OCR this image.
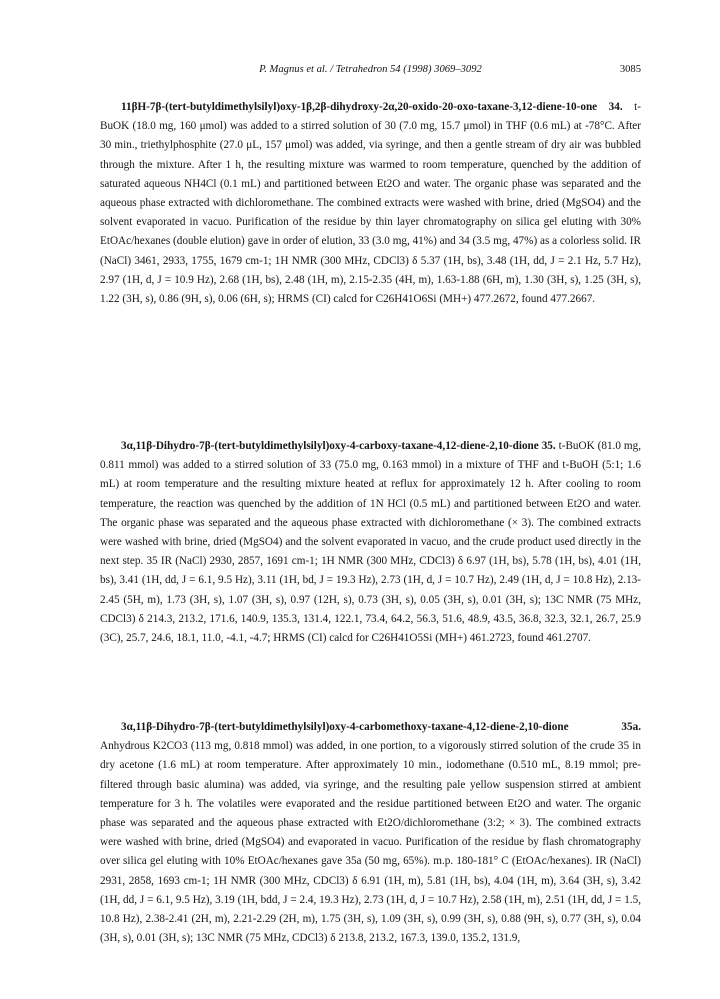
P. Magnus et al. / Tetrahedron 54 (1998) 3069–3092	3085

11βH-7β-(tert-butyldimethylsilyl)oxy-1β,2β-dihydroxy-2α,20-oxido-20-oxo-taxane-3,12-diene-10-one 34. t-BuOK (18.0 mg, 160 μmol) was added to a stirred solution of 30 (7.0 mg, 15.7 μmol) in THF (0.6 mL) at -78°C. After 30 min., triethylphosphite (27.0 μL, 157 μmol) was added, via syringe, and then a gentle stream of dry air was bubbled through the mixture. After 1 h, the resulting mixture was warmed to room temperature, quenched by the addition of saturated aqueous NH4Cl (0.1 mL) and partitioned between Et2O and water. The organic phase was separated and the aqueous phase extracted with dichloromethane. The combined extracts were washed with brine, dried (MgSO4) and the solvent evaporated in vacuo. Purification of the residue by thin layer chromatography on silica gel eluting with 30% EtOAc/hexanes (double elution) gave in order of elution, 33 (3.0 mg, 41%) and 34 (3.5 mg, 47%) as a colorless solid. IR (NaCl) 3461, 2933, 1755, 1679 cm-1; 1H NMR (300 MHz, CDCl3) δ 5.37 (1H, bs), 3.48 (1H, dd, J = 2.1 Hz, 5.7 Hz), 2.97 (1H, d, J = 10.9 Hz), 2.68 (1H, bs), 2.48 (1H, m), 2.15-2.35 (4H, m), 1.63-1.88 (6H, m), 1.30 (3H, s), 1.25 (3H, s), 1.22 (3H, s), 0.86 (9H, s), 0.06 (6H, s); HRMS (CI) calcd for C26H41O6Si (MH+) 477.2672, found 477.2667.

3α,11β-Dihydro-7β-(tert-butyldimethylsilyl)oxy-4-carboxy-taxane-4,12-diene-2,10-dione 35. t-BuOK (81.0 mg, 0.811 mmol) was added to a stirred solution of 33 (75.0 mg, 0.163 mmol) in a mixture of THF and t-BuOH (5:1; 1.6 mL) at room temperature and the resulting mixture heated at reflux for approximately 12 h. After cooling to room temperature, the reaction was quenched by the addition of 1N HCl (0.5 mL) and partitioned between Et2O and water. The organic phase was separated and the aqueous phase extracted with dichloromethane (× 3). The combined extracts were washed with brine, dried (MgSO4) and the solvent evaporated in vacuo, and the crude product used directly in the next step. 35 IR (NaCl) 2930, 2857, 1691 cm-1; 1H NMR (300 MHz, CDCl3) δ 6.97 (1H, bs), 5.78 (1H, bs), 4.01 (1H, bs), 3.41 (1H, dd, J = 6.1, 9.5 Hz), 3.11 (1H, bd, J = 19.3 Hz), 2.73 (1H, d, J = 10.7 Hz), 2.49 (1H, d, J = 10.8 Hz), 2.13-2.45 (5H, m), 1.73 (3H, s), 1.07 (3H, s), 0.97 (12H, s), 0.73 (3H, s), 0.05 (3H, s), 0.01 (3H, s); 13C NMR (75 MHz, CDCl3) δ 214.3, 213.2, 171.6, 140.9, 135.3, 131.4, 122.1, 73.4, 64.2, 56.3, 51.6, 48.9, 43.5, 36.8, 32.3, 32.1, 26.7, 25.9 (3C), 25.7, 24.6, 18.1, 11.0, -4.1, -4.7; HRMS (CI) calcd for C26H41O5Si (MH+) 461.2723, found 461.2707.

3α,11β-Dihydro-7β-(tert-butyldimethylsilyl)oxy-4-carbomethoxy-taxane-4,12-diene-2,10-dione 35a. Anhydrous K2CO3 (113 mg, 0.818 mmol) was added, in one portion, to a vigorously stirred solution of the crude 35 in dry acetone (1.6 mL) at room temperature. After approximately 10 min., iodomethane (0.510 mL, 8.19 mmol; pre-filtered through basic alumina) was added, via syringe, and the resulting pale yellow suspension stirred at ambient temperature for 3 h. The volatiles were evaporated and the residue partitioned between Et2O and water. The organic phase was separated and the aqueous phase extracted with Et2O/dichloromethane (3:2; × 3). The combined extracts were washed with brine, dried (MgSO4) and evaporated in vacuo. Purification of the residue by flash chromatography over silica gel eluting with 10% EtOAc/hexanes gave 35a (50 mg, 65%). m.p. 180-181° C (EtOAc/hexanes). IR (NaCl) 2931, 2858, 1693 cm-1; 1H NMR (300 MHz, CDCl3) δ 6.91 (1H, m), 5.81 (1H, bs), 4.04 (1H, m), 3.64 (3H, s), 3.42 (1H, dd, J = 6.1, 9.5 Hz), 3.19 (1H, bdd, J = 2.4, 19.3 Hz), 2.73 (1H, d, J = 10.7 Hz), 2.58 (1H, m), 2.51 (1H, dd, J = 1.5, 10.8 Hz), 2.38-2.41 (2H, m), 2.21-2.29 (2H, m), 1.75 (3H, s), 1.09 (3H, s), 0.99 (3H, s), 0.88 (9H, s), 0.77 (3H, s), 0.04 (3H, s), 0.01 (3H, s); 13C NMR (75 MHz, CDCl3) δ 213.8, 213.2, 167.3, 139.0, 135.2, 131.9,
